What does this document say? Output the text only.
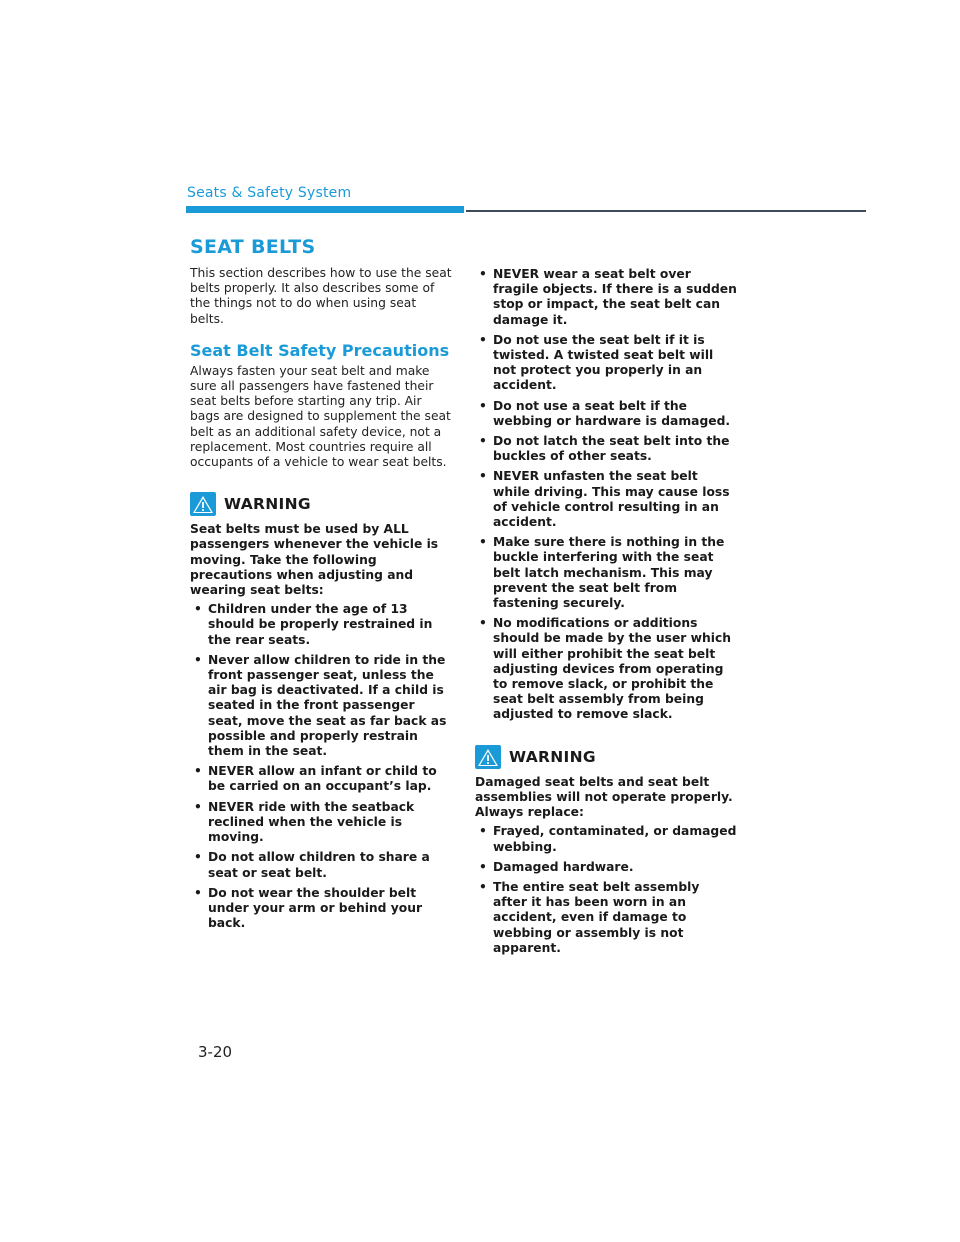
Seats & Safety System
SEAT BELTS

This section describes how to use the seat belts properly. It also describes some of the things not to do when using seat belts.

Seat Belt Safety Precautions

Always fasten your seat belt and make sure all passengers have fastened their seat belts before starting any trip. Air bags are designed to supplement the seat belt as an additional safety device, not a replacement. Most countries require all occupants of a vehicle to wear seat belts.

WARNING

Seat belts must be used by ALL passengers whenever the vehicle is moving. Take the following precautions when adjusting and wearing seat belts:

• Children under the age of 13 should be properly restrained in the rear seats.
• Never allow children to ride in the front passenger seat, unless the air bag is deactivated. If a child is seated in the front passenger seat, move the seat as far back as possible and properly restrain them in the seat.
• NEVER allow an infant or child to be carried on an occupant’s lap.
• NEVER ride with the seatback reclined when the vehicle is moving.
• Do not allow children to share a seat or seat belt.
• Do not wear the shoulder belt under your arm or behind your back.
• NEVER wear a seat belt over fragile objects. If there is a sudden stop or impact, the seat belt can damage it.
• Do not use the seat belt if it is twisted. A twisted seat belt will not protect you properly in an accident.
• Do not use a seat belt if the webbing or hardware is damaged.
• Do not latch the seat belt into the buckles of other seats.
• NEVER unfasten the seat belt while driving. This may cause loss of vehicle control resulting in an accident.
• Make sure there is nothing in the buckle interfering with the seat belt latch mechanism. This may prevent the seat belt from fastening securely.
• No modifications or additions should be made by the user which will either prohibit the seat belt adjusting devices from operating to remove slack, or prohibit the seat belt assembly from being adjusted to remove slack.
WARNING

Damaged seat belts and seat belt assemblies will not operate properly. Always replace:

• Frayed, contaminated, or damaged webbing.
• Damaged hardware.
• The entire seat belt assembly after it has been worn in an accident, even if damage to webbing or assembly is not apparent.
3-20
